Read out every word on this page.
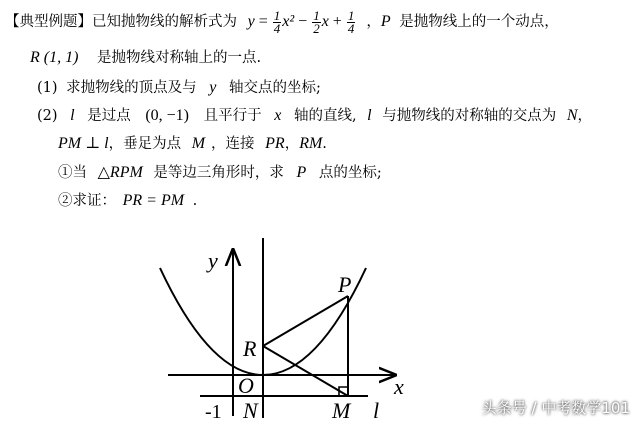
【典型例题】已知抛物线的解析式为 $y = \frac{1}{4} x^2 - \frac{1}{2}$ $x + \frac{1}{4}$ ，P 是抛物线上的一个动点，
R (1, 1) 是抛物线对称轴上的一点.
(1) 求抛物线的顶点及与 y 轴交点的坐标;
(2) l 是过点 (0, −1) 且平行于 x 轴的直线, l 与抛物线的对称轴的交点为 N，
PM ⊥ l，垂足为点 M ，连接 PR，RM.
①当 △RPM 是等边三角形时，求 P 点的坐标;
②求证： PR = PM .
y
x
P
R
O
-1 N	M l	头条号 / 中考数学101
